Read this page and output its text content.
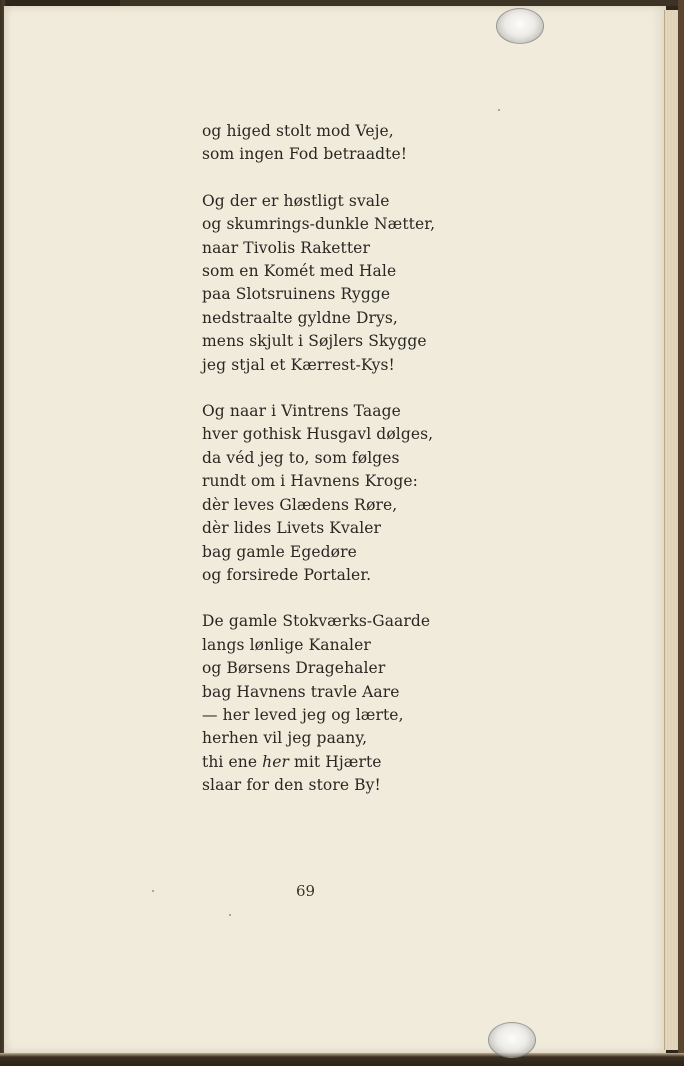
og higed stolt mod Veje,
som ingen Fod betraadte!
Og der er høstligt svale
og skumrings-dunkle Nætter,
naar Tivolis Raketter
som en Komét med Hale
paa Slotsruinens Rygge
nedstraalte gyldne Drys,
mens skjult i Søjlers Skygge
jeg stjal et Kærrest-Kys!
Og naar i Vintrens Taage
hver gothisk Husgavl dølges,
da véd jeg to, som følges
rundt om i Havnens Kroge:
dèr leves Glædens Røre,
dèr lides Livets Kvaler
bag gamle Egedøre
og forsirede Portaler.
De gamle Stokværks-Gaarde
langs lønlige Kanaler
og Børsens Dragehaler
bag Havnens travle Aare
— her leved jeg og lærte,
herhen vil jeg paany,
thi ene her mit Hjærte
slaar for den store By!
69
